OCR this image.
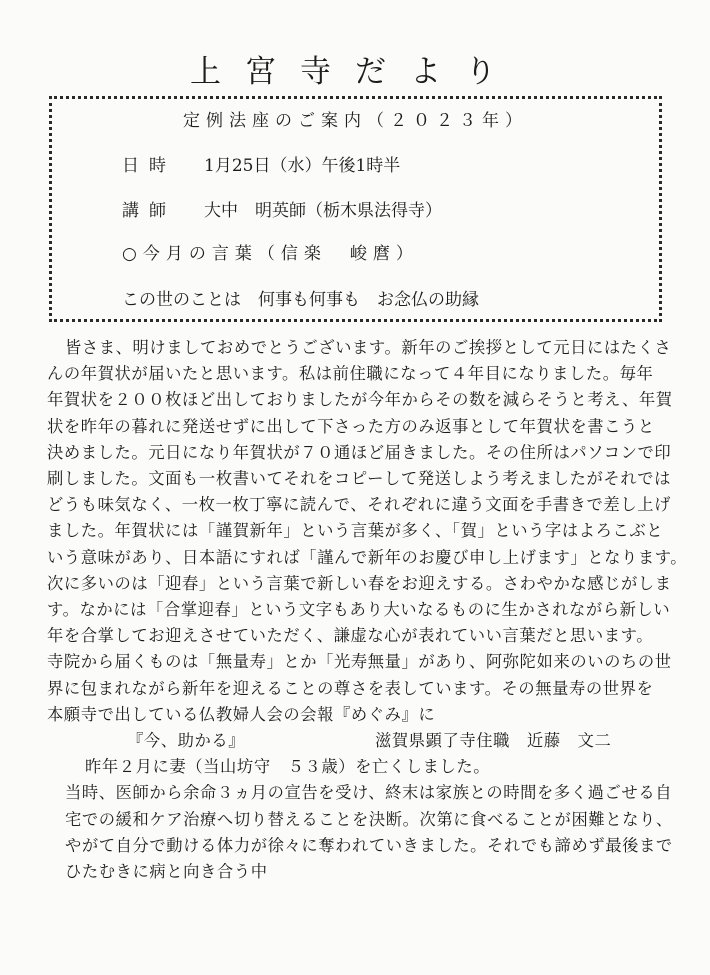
上宮寺だより
定例法座のご案内（２０２３年）
日時 1月25日（水）午後1時半
講師 大中　明英師（栃木県法得寺）
○今月の言葉（信楽　峻麿）
この世のことは　何事も何事も　お念仏の助縁

皆さま、明けましておめでとうございます。新年のご挨拶として元日にはたくさ

んの年賀状が届いたと思います。私は前住職になって４年目になりました。毎年

年賀状を２００枚ほど出しておりましたが今年からその数を減らそうと考え、年賀

状を昨年の暮れに発送せずに出して下さった方のみ返事として年賀状を書こうと

決めました。元日になり年賀状が７０通ほど届きました。その住所はパソコンで印

刷しました。文面も一枚書いてそれをコピーして発送しよう考えましたがそれでは

どうも味気なく、一枚一枚丁寧に読んで、それぞれに違う文面を手書きで差し上げ

ました。年賀状には「謹賀新年」という言葉が多く、「賀」という字はよろこぶと

いう意味があり、日本語にすれば「謹んで新年のお慶び申し上げます」となります。

次に多いのは「迎春」という言葉で新しい春をお迎えする。さわやかな感じがしま

す。なかには「合掌迎春」という文字もあり大いなるものに生かされながら新しい

年を合掌してお迎えさせていただく、謙虚な心が表れていい言葉だと思います。

寺院から届くものは「無量寿」とか「光寿無量」があり、阿弥陀如来のいのちの世

界に包まれながら新年を迎えることの尊さを表しています。その無量寿の世界を

本願寺で出している仏教婦人会の会報『めぐみ』に

『今、助かる』	滋賀県顕了寺住職　近藤　文二

昨年２月に妻（当山坊守　５３歳）を亡くしました。

当時、医師から余命３ヵ月の宣告を受け、終末は家族との時間を多く過ごせる自

宅での緩和ケア治療へ切り替えることを決断。次第に食べることが困難となり、

やがて自分で動ける体力が徐々に奪われていきました。それでも諦めず最後まで

ひたむきに病と向き合う中
